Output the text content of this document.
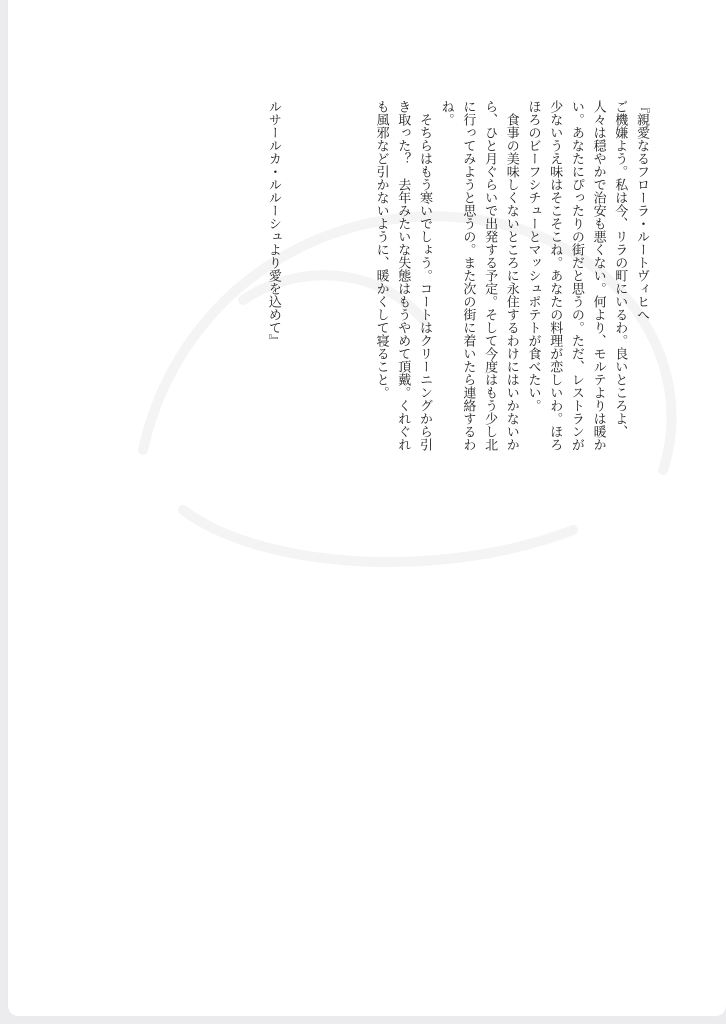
『親愛なるフローラ・ルートヴィヒへ
ご機嫌よう。私は今、リラの町にいるわ。良いところよ、
人々は穏やかで治安も悪くない。何より、モルテよりは暖か
い。あなたにぴったりの街だと思うの。ただ、レストランが
少ないうえ味はそこそこね。あなたの料理が恋しいわ。ほろ
ほろのビーフシチューとマッシュポテトが食べたい。
　食事の美味しくないところに永住するわけにはいかないか
ら、ひと月ぐらいで出発する予定。そして今度はもう少し北
に行ってみようと思うの。また次の街に着いたら連絡するわ
ね。
　そちらはもう寒いでしょう。コートはクリーニングから引
き取った？　去年みたいな失態はもうやめて頂戴。くれぐれ
も風邪など引かないように、暖かくして寝ること。
ルサールカ・ルルーシュより愛を込めて』
